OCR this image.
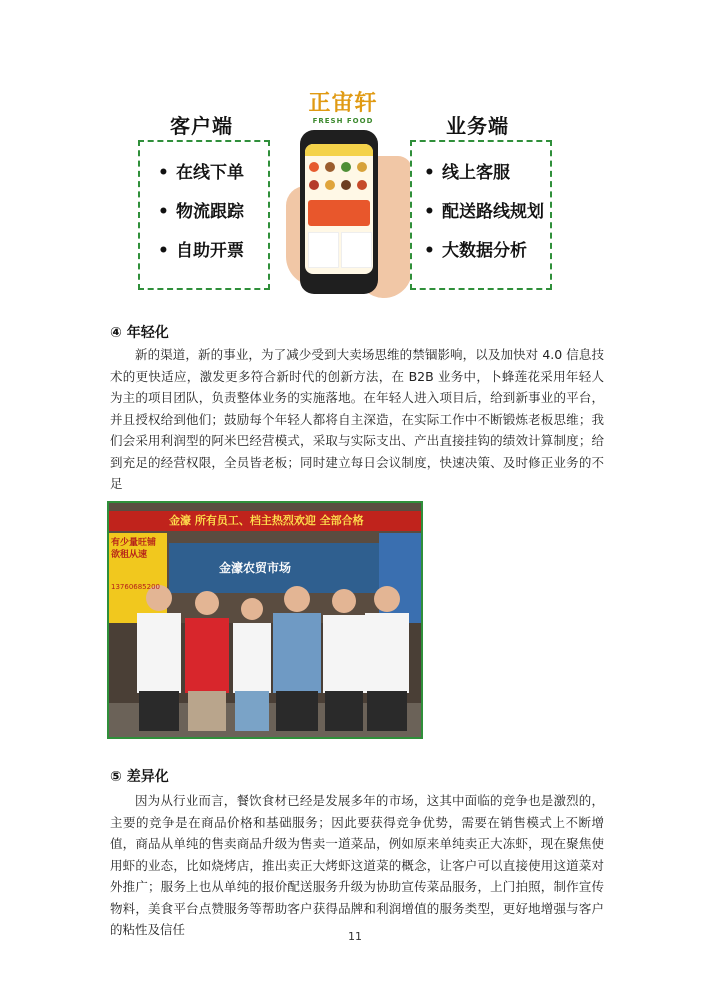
客户端
• 在线下单
• 物流跟踪
• 自助开票
正宙轩
FRESH FOOD	业务端
• 线上客服
• 配送路线规划
• 大数据分析
④ 年轻化

新的渠道，新的事业，为了减少受到大卖场思维的禁锢影响，以及加快对 4.0 信息技术的更快适应，激发更多符合新时代的创新方法，在 B2B 业务中，卜蜂莲花采用年轻人为主的项目团队，负责整体业务的实施落地。在年轻人进入项目后，给到新事业的平台，并且授权给到他们；鼓励每个年轻人都将自主深造，在实际工作中不断锻炼老板思维；我们会采用利润型的阿米巴经营模式，采取与实际支出、产出直接挂钩的绩效计算制度；给到充足的经营权限，全员皆老板；同时建立每日会议制度，快速决策、及时修正业务的不足

金濠 所有员工、档主热烈欢迎 全部合格
金濠农贸市场
有少量旺铺 欲租从速
13760685200
⑤ 差异化

因为从行业而言，餐饮食材已经是发展多年的市场，这其中面临的竞争也是激烈的，主要的竞争是在商品价格和基础服务；因此要获得竞争优势，需要在销售模式上不断增值，商品从单纯的售卖商品升级为售卖一道菜品，例如原来单纯卖正大冻虾，现在聚焦使用虾的业态，比如烧烤店，推出卖正大烤虾这道菜的概念，让客户可以直接使用这道菜对外推广；服务上也从单纯的报价配送服务升级为协助宣传菜品服务，上门拍照，制作宣传物料，美食平台点赞服务等帮助客户获得品牌和利润增值的服务类型，更好地增强与客户的粘性及信任	11
